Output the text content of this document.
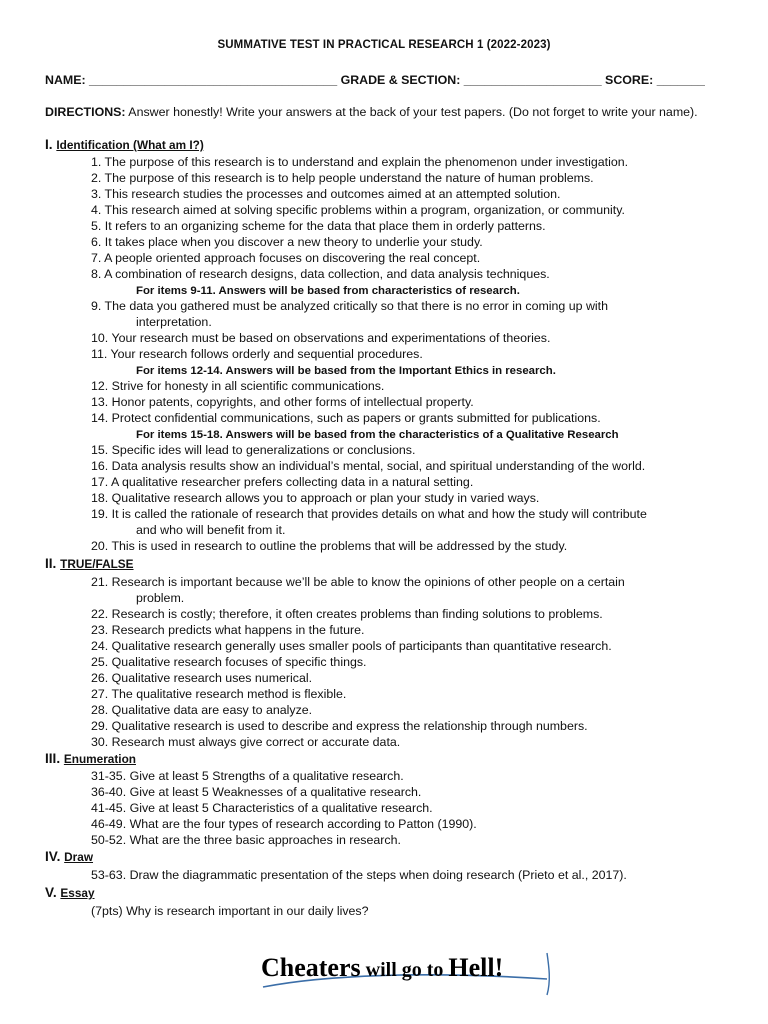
SUMMATIVE TEST IN PRACTICAL RESEARCH 1 (2022-2023)
NAME: ____________________________________ GRADE & SECTION: ____________________ SCORE: _______
DIRECTIONS: Answer honestly! Write your answers at the back of your test papers. (Do not forget to write your name).
I. Identification (What am I?)
1. The purpose of this research is to understand and explain the phenomenon under investigation.
2. The purpose of this research is to help people understand the nature of human problems.
3. This research studies the processes and outcomes aimed at an attempted solution.
4. This research aimed at solving specific problems within a program, organization, or community.
5. It refers to an organizing scheme for the data that place them in orderly patterns.
6. It takes place when you discover a new theory to underlie your study.
7. A people oriented approach focuses on discovering the real concept.
8. A combination of research designs, data collection, and data analysis techniques.
For items 9-11. Answers will be based from characteristics of research.
9. The data you gathered must be analyzed critically so that there is no error in coming up with
interpretation.
10. Your research must be based on observations and experimentations of theories.
11. Your research follows orderly and sequential procedures.
For items 12-14. Answers will be based from the Important Ethics in research.
12. Strive for honesty in all scientific communications.
13. Honor patents, copyrights, and other forms of intellectual property.
14. Protect confidential communications, such as papers or grants submitted for publications.
For items 15-18. Answers will be based from the characteristics of a Qualitative Research
15. Specific ides will lead to generalizations or conclusions.
16. Data analysis results show an individual’s mental, social, and spiritual understanding of the world.
17. A qualitative researcher prefers collecting data in a natural setting.
18. Qualitative research allows you to approach or plan your study in varied ways.
19. It is called the rationale of research that provides details on what and how the study will contribute
and who will benefit from it.
20. This is used in research to outline the problems that will be addressed by the study.
II. TRUE/FALSE
21. Research is important because we’ll be able to know the opinions of other people on a certain
problem.
22. Research is costly; therefore, it often creates problems than finding solutions to problems.
23. Research predicts what happens in the future.
24. Qualitative research generally uses smaller pools of participants than quantitative research.
25. Qualitative research focuses of specific things.
26. Qualitative research uses numerical.
27. The qualitative research method is flexible.
28. Qualitative data are easy to analyze.
29. Qualitative research is used to describe and express the relationship through numbers.
30. Research must always give correct or accurate data.
III. Enumeration
31-35. Give at least 5 Strengths of a qualitative research.
36-40. Give at least 5 Weaknesses of a qualitative research.
41-45. Give at least 5 Characteristics of a qualitative research.
46-49. What are the four types of research according to Patton (1990).
50-52. What are the three basic approaches in research.
IV. Draw
53-63. Draw the diagrammatic presentation of the steps when doing research (Prieto et al., 2017).
V. Essay
(7pts) Why is research important in our daily lives?
Cheaters will go to Hell!
